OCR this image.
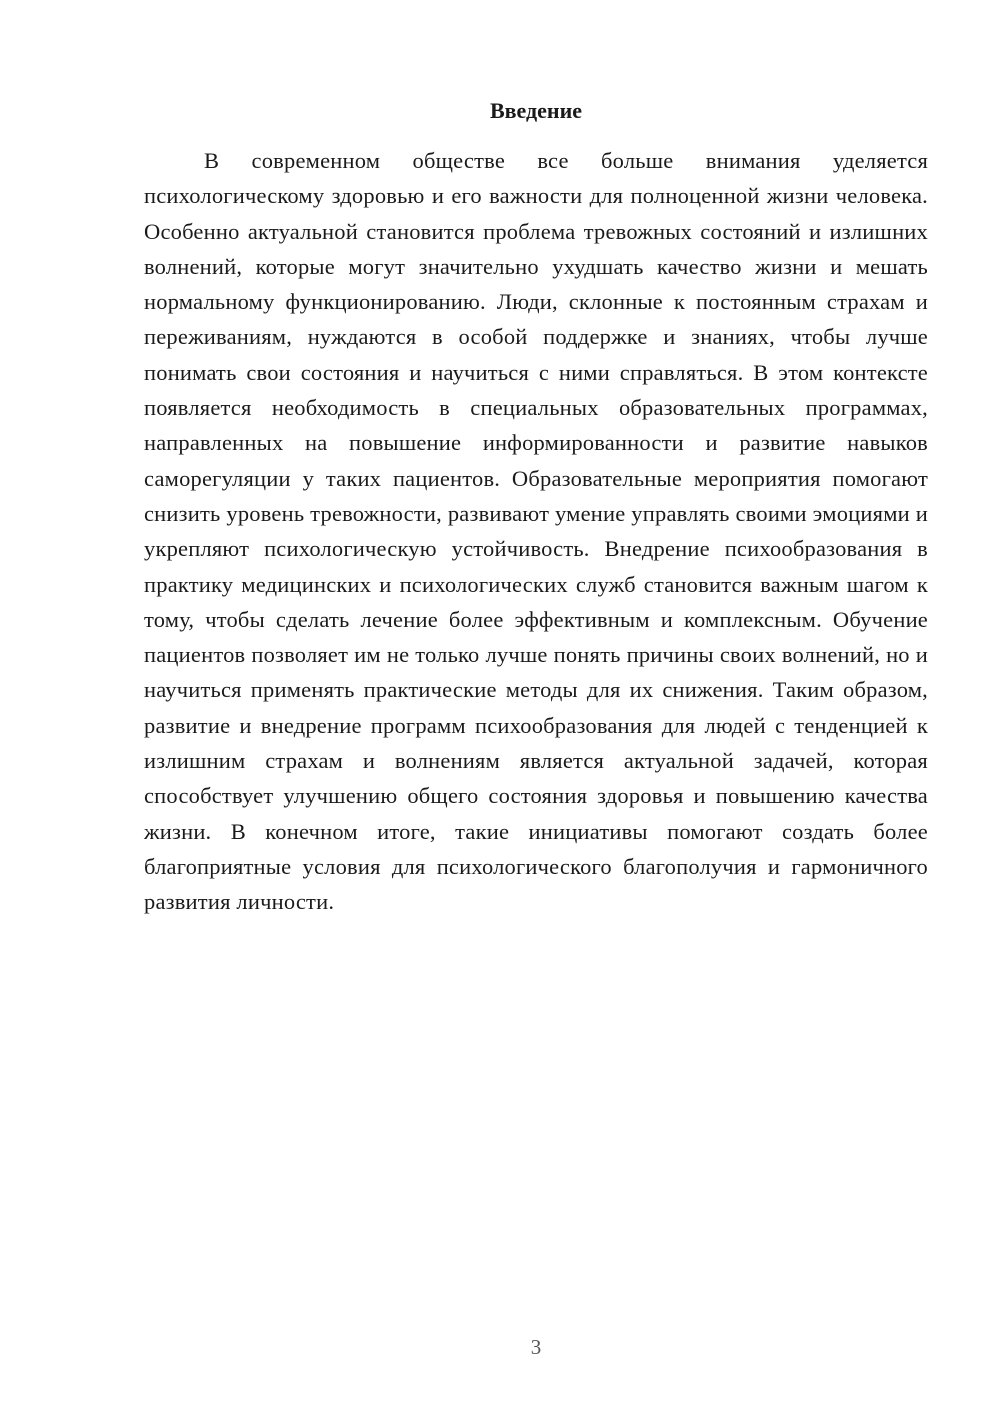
Введение

В современном обществе все больше внимания уделяется психологическому здоровью и его важности для полноценной жизни человека. Особенно актуальной становится проблема тревожных состояний и излишних волнений, которые могут значительно ухудшать качество жизни и мешать нормальному функционированию. Люди, склонные к постоянным страхам и переживаниям, нуждаются в особой поддержке и знаниях, чтобы лучше понимать свои состояния и научиться с ними справляться. В этом контексте появляется необходимость в специальных образовательных программах, направленных на повышение информированности и развитие навыков саморегуляции у таких пациентов. Образовательные мероприятия помогают снизить уровень тревожности, развивают умение управлять своими эмоциями и укрепляют психологическую устойчивость. Внедрение психообразования в практику медицинских и психологических служб становится важным шагом к тому, чтобы сделать лечение более эффективным и комплексным. Обучение пациентов позволяет им не только лучше понять причины своих волнений, но и научиться применять практические методы для их снижения. Таким образом, развитие и внедрение программ психообразования для людей с тенденцией к излишним страхам и волнениям является актуальной задачей, которая способствует улучшению общего состояния здоровья и повышению качества жизни. В конечном итоге, такие инициативы помогают создать более благоприятные условия для психологического благополучия и гармоничного развития личности.

3
